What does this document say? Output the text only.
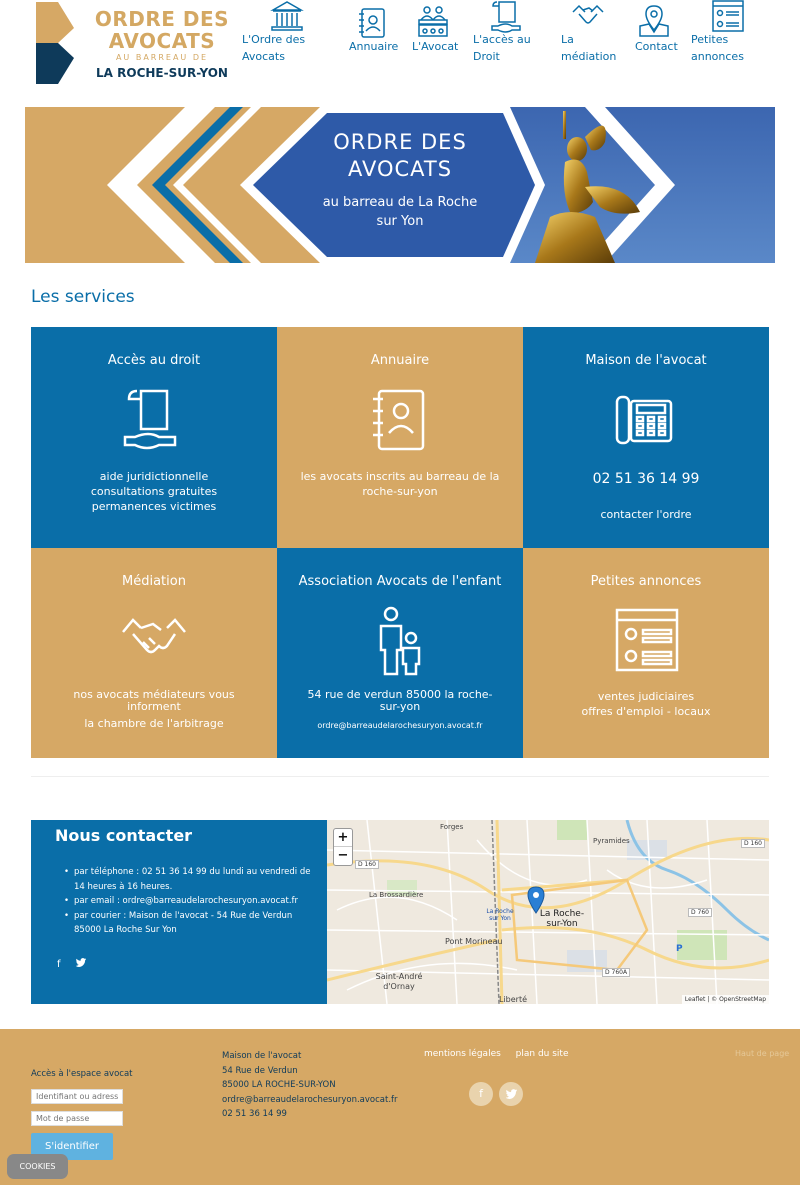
ORDRE DES
AVOCATS
AU BARREAU DE
LA ROCHE-SUR-YON
L'Ordre des Avocats
Annuaire L'Avocat
L'accès au Droit
La médiation
Contact
Petites annonces
ORDRE DES AVOCATS
au barreau de La Roche sur Yon
Les services
Accès au droit
aide juridictionnelle
consultations gratuites
permanences victimes
Annuaire
les avocats inscrits au barreau de la roche-sur-yon
Maison de l'avocat
02 51 36 14 99
contacter l'ordre
Médiation
nos avocats médiateurs vous informent
la chambre de l'arbitrage
Association Avocats de l'enfant
54 rue de verdun 85000 la roche-sur-yon
ordre@barreaudelarochesuryon.avocat.fr
Petites annonces
ventes judiciaires
offres d'emploi - locaux
Nous contacter
• par téléphone : 02 51 36 14 99 du lundi au vendredi de 14 heures à 16 heures.
• par email : ordre@barreaudelarochesuryon.avocat.fr
• par courier : Maison de l'avocat - 54 Rue de Verdun 85000 La Roche Sur Yon
f
Forges
Pyramides
La Brossardière
La Roche-sur-Yon
La Roche sur Yon
Pont Morineau
Saint-André d'Ornay
Liberté
D 160
D 160
D 760
D 760A
P
+
−
Leaflet | © OpenStreetMap
Accès à l'espace avocat
Identifiant ou adresse e-mail
S'identifier
Maison de l'avocat
54 Rue de Verdun
85000 LA ROCHE-SUR-YON
ordre@barreaudelarochesuryon.avocat.fr
02 51 36 14 99
mentions légales plan du site
f
Haut de page
COOKIES
